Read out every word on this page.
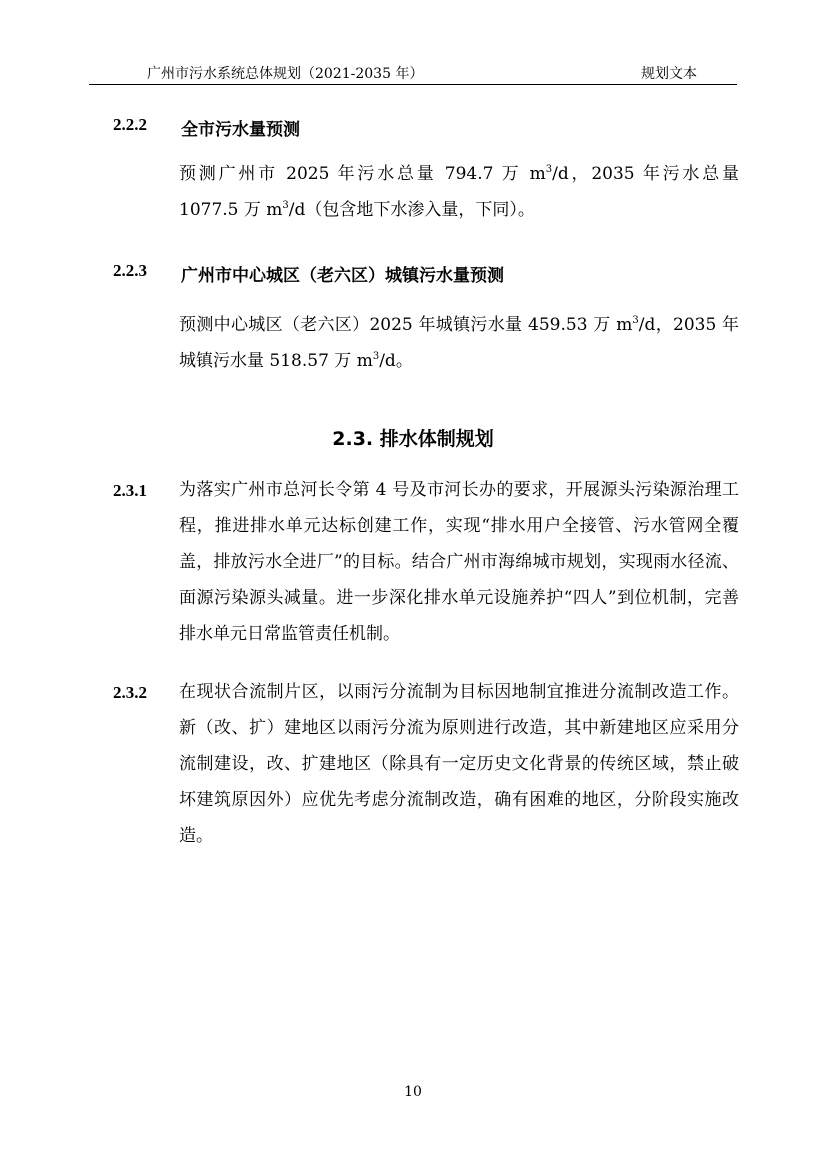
广州市污水系统总体规划（2021-2035 年）	规划文本
2.2.2 全市污水量预测

预测广州市 2025 年污水总量 794.7 万 $m^3/d$，2035 年污水总量 1077.5 万 $m^3/d$（包含地下水渗入量，下同）。

2.2.3 广州市中心城区（老六区）城镇污水量预测

预测中心城区（老六区）2025 年城镇污水量 459.53 万 $m^3/d$，2035 年城镇污水量 518.57 万 $m^3/d$。

2.3. 排水体制规划
2.3.1 为落实广州市总河长令第 4 号及市河长办的要求，开展源头污染源治理工程，推进排水单元达标创建工作，实现“排水用户全接管、污水管网全覆盖，排放污水全进厂”的目标。结合广州市海绵城市规划，实现雨水径流、面源污染源头减量。进一步深化排水单元设施养护“四人”到位机制，完善排水单元日常监管责任机制。

2.3.2 在现状合流制片区，以雨污分流制为目标因地制宜推进分流制改造工作。新（改、扩）建地区以雨污分流为原则进行改造，其中新建地区应采用分流制建设，改、扩建地区（除具有一定历史文化背景的传统区域，禁止破坏建筑原因外）应优先考虑分流制改造，确有困难的地区，分阶段实施改造。

10
